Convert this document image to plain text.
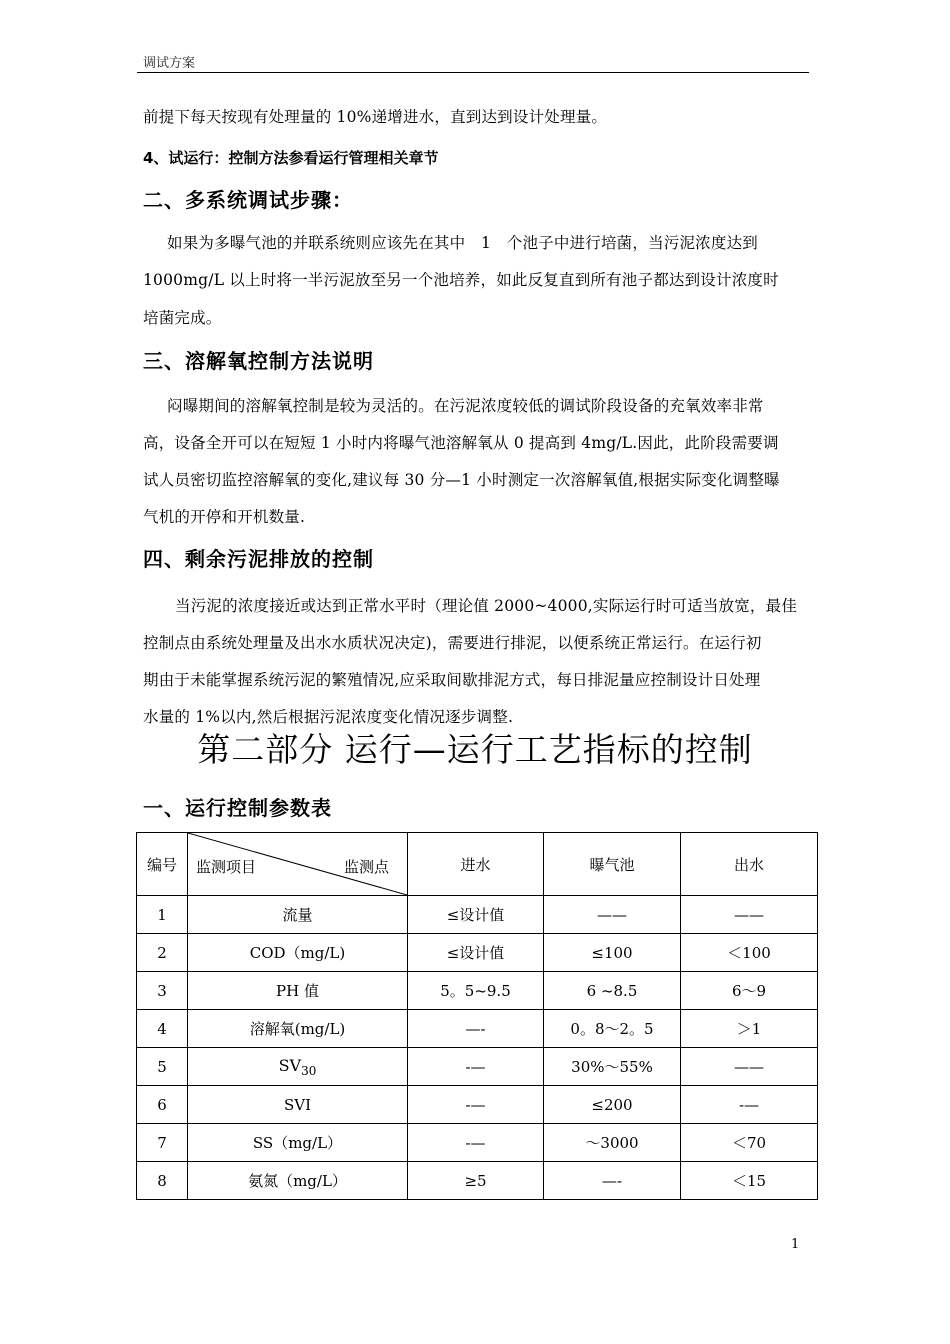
调试方案
前提下每天按现有处理量的 10%递增进水，直到达到设计处理量。
4、试运行：控制方法参看运行管理相关章节
二、多系统调试步骤：
如果为多曝气池的并联系统则应该先在其中　1　个池子中进行培菌，当污泥浓度达到
1000mg/L 以上时将一半污泥放至另一个池培养，如此反复直到所有池子都达到设计浓度时
培菌完成。
三、溶解氧控制方法说明
闷曝期间的溶解氧控制是较为灵活的。在污泥浓度较低的调试阶段设备的充氧效率非常
高，设备全开可以在短短 1 小时内将曝气池溶解氧从 0 提高到 4mg/L.因此，此阶段需要调
试人员密切监控溶解氧的变化,建议每 30 分—1 小时测定一次溶解氧值,根据实际变化调整曝
气机的开停和开机数量.
四、剩余污泥排放的控制
当污泥的浓度接近或达到正常水平时（理论值 2000~4000,实际运行时可适当放宽，最佳
控制点由系统处理量及出水水质状况决定)，需要进行排泥，以便系统正常运行。在运行初
期由于未能掌握系统污泥的繁殖情况,应采取间歇排泥方式，每日排泥量应控制设计日处理
水量的 1%以内,然后根据污泥浓度变化情况逐步调整.
第二部分 运行—运行工艺指标的控制
一、运行控制参数表
编号	监测项目 监测点	进水	曝气池	出水
1	流量	≤设计值	——	——
2	COD（mg/L)	≤设计值	≤100	＜100
3	PH 值	5。5~9.5	6 ~8.5	6～9
4	溶解氧(mg/L)	—-	0。8～2。5	＞1
5	$SV_{30}$	-—	30%～55%	——
6	SVI	-—	≤200	-—
7	SS（mg/L）	-—	～3000	＜70
8	氨氮（mg/L）	≥5	—-	＜15
1
